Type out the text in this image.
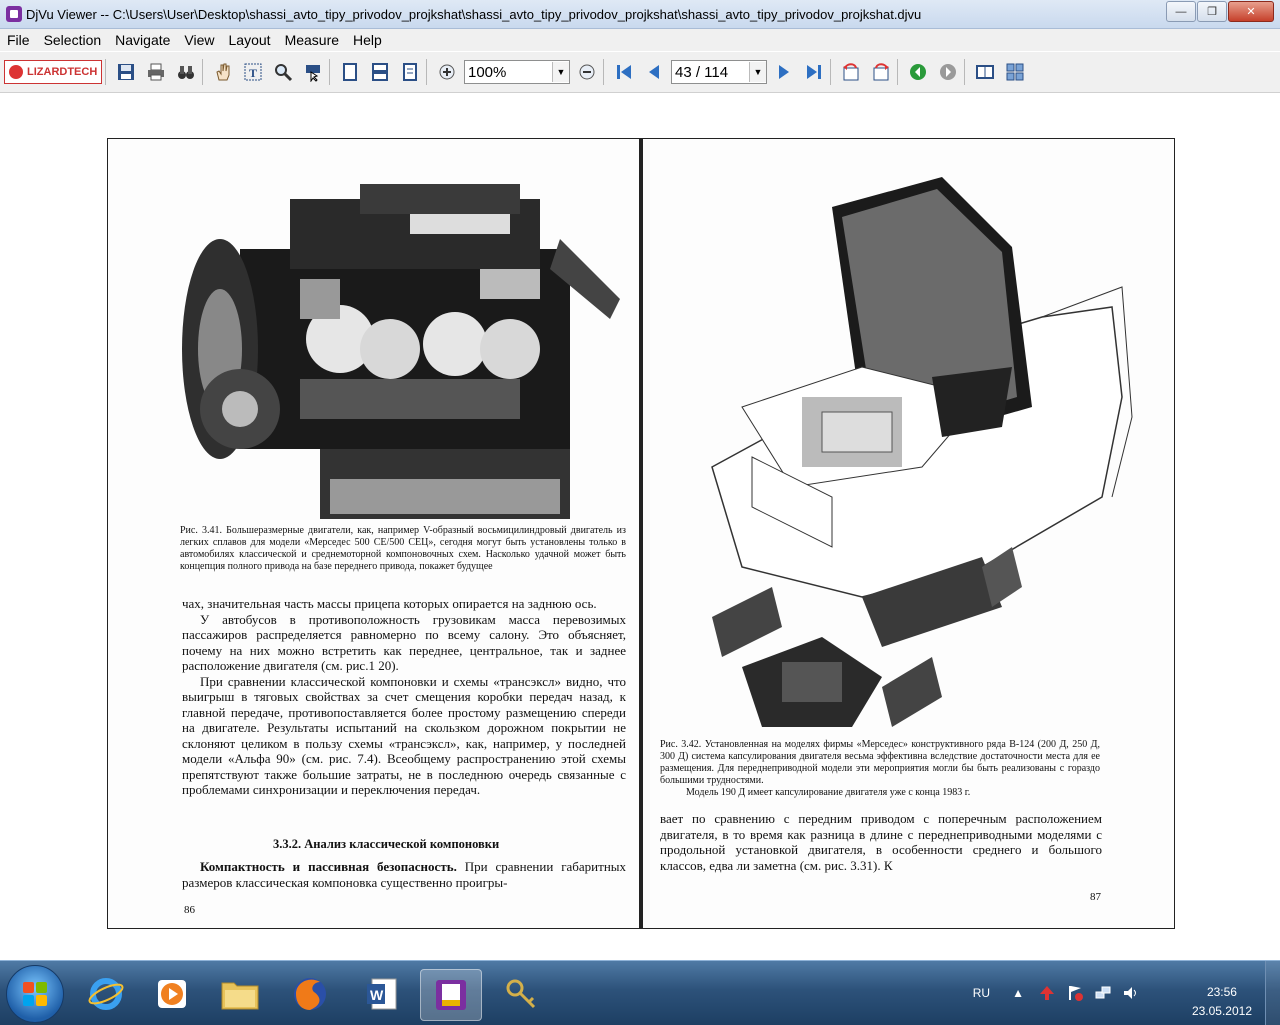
DjVu Viewer -- C:\Users\User\Desktop\shassi_avto_tipy_privodov_projkshat\shassi_avto_tipy_privodov_projkshat\shassi_avto_tipy_privodov_projkshat.djvu	—	❐	✕
File	Selection	Navigate	View	Layout	Measure	Help
LIZARDTECH	T	100%	▼	43 / 114	▼
Рис. 3.41. Большеразмерные двигатели, как, например V-образный восьмицилиндровый двигатель из легких сплавов для модели «Мерседес 500 СЕ/500 СЕЦ», сегодня могут быть установлены только в автомобилях классической и среднемоторной компоновочных схем. Насколько удачной может быть концепция полного привода на базе переднего привода, покажет будущее

чах, значительная часть массы прицепа которых опирается на заднюю ось.

У автобусов в противоположность грузовикам масса перевозимых пассажиров распределяется равномерно по всему салону. Это объясняет, почему на них можно встретить как переднее, центральное, так и заднее расположение двигателя (см. рис.1 20).

При сравнении классической компоновки и схемы «трансэксл» видно, что выигрыш в тяговых свойствах за счет смещения коробки передач назад, к главной передаче, противопоставляется более простому размещению спереди на двигателе. Результаты испытаний на скользком дорожном покрытии не склоняют целиком в пользу схемы «трансэксл», как, например, у последней модели «Альфа 90» (см. рис. 7.4). Всеобщему распространению этой схемы препятствуют также большие затраты, не в последнюю очередь связанные с проблемами синхронизации и переключения передач.

3.3.2. Анализ классической компоновки

Компактность и пассивная безопасность. При сравнении габаритных размеров классическая компоновка существенно проигры-

86
Рис. 3.42. Установленная на моделях фирмы «Мерседес» конструктивного ряда В-124 (200 Д, 250 Д, 300 Д) система капсулирования двигателя весьма эффективна вследствие достаточности места для ее размещения. Для переднеприводной модели эти мероприятия могли бы быть реализованы с гораздо большими трудностями.
Модель 190 Д имеет капсулирование двигателя уже с конца 1983 г.

вает по сравнению с передним приводом с поперечным расположением двигателя, в то время как разница в длине с переднеприводными моделями с продольной установкой двигателя, в особенности среднего и большого классов, едва ли заметна (см. рис. 3.31). К

87
W	RU ▲	23:56
23.05.2012
